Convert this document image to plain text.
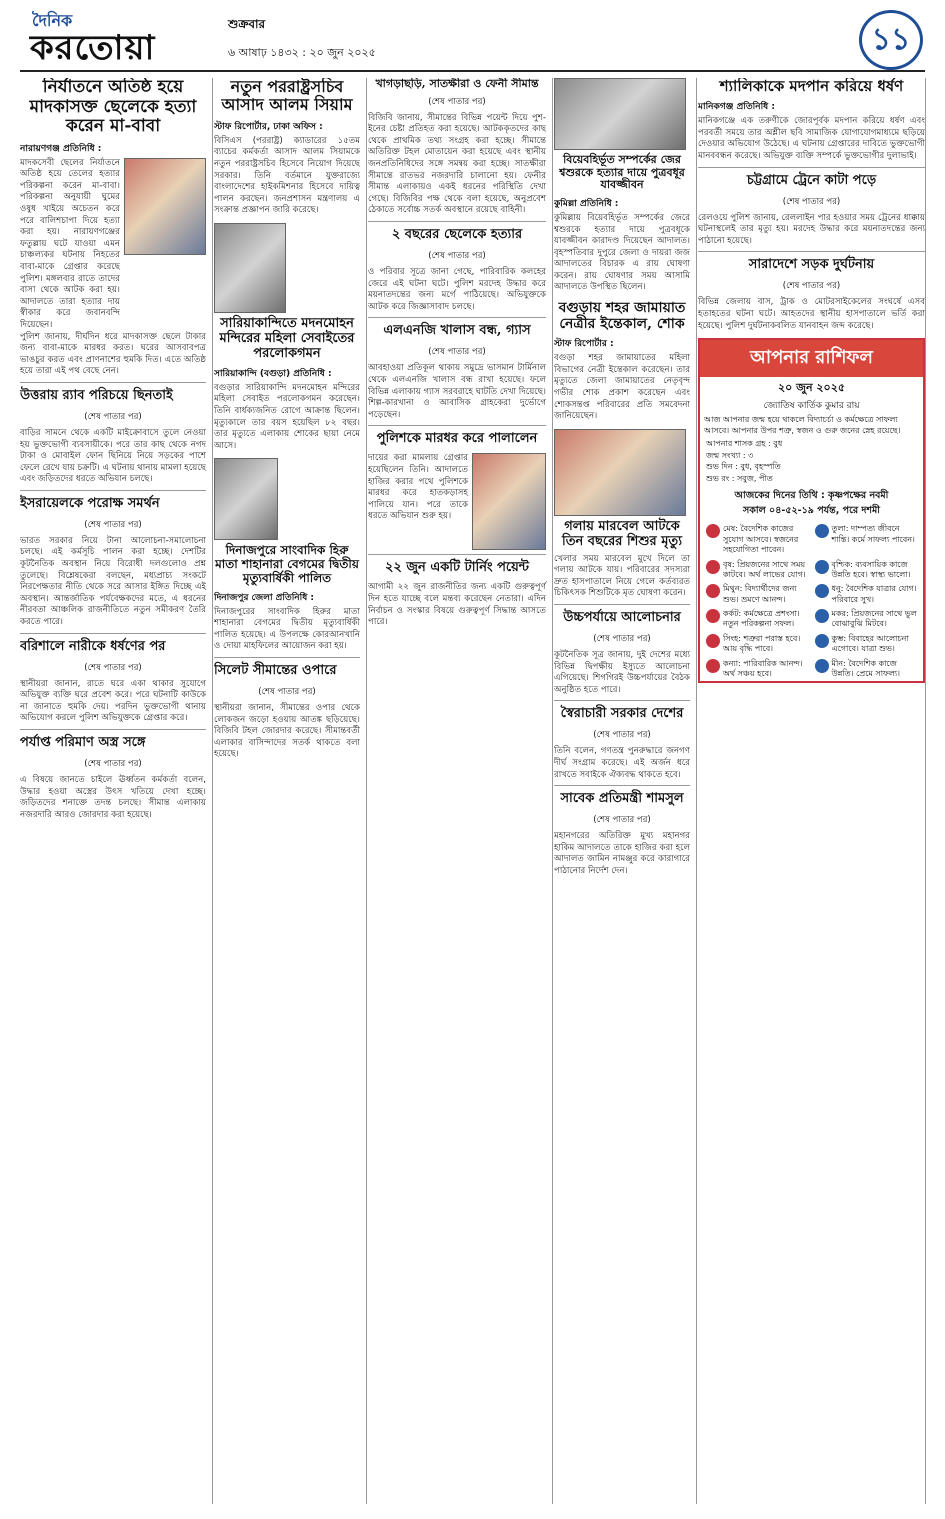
দৈনিক
করতোয়া
শুক্রবার
৬ আষাঢ় ১৪৩২ : ২০ জুন ২০২৫	১১
নির্যাতনে অতিষ্ঠ হয়ে মাদকাসক্ত ছেলেকে হত্যা করেন মা-বাবা
নারায়ণগঞ্জ প্রতিনিধি :
মাদকসেবী ছেলের নির্যাতনে অতিষ্ঠ হয়ে তেলের হত্যার পরিকল্পনা করেন মা-বাবা। পরিকল্পনা অনুযায়ী ঘুমের ওষুধ খাইয়ে অচেতন করে পরে বালিশচাপা দিয়ে হত্যা করা হয়। নারায়ণগঞ্জের ফতুল্লায় ঘটে যাওয়া এমন চাঞ্চল্যকর ঘটনায় নিহতের বাবা-মাকে গ্রেপ্তার করেছে পুলিশ। মঙ্গলবার রাতে তাদের বাসা থেকে আটক করা হয়। আদালতে তারা হত্যার দায় স্বীকার করে জবানবন্দি দিয়েছেন।
পুলিশ জানায়, দীর্ঘদিন ধরে মাদকাসক্ত ছেলে টাকার জন্য বাবা-মাকে মারধর করত। ঘরের আসবাবপত্র ভাঙচুর করত এবং প্রাণনাশের হুমকি দিত। এতে অতিষ্ঠ হয়ে তারা এই পথ বেছে নেন।
উত্তরায় র‌্যাব পরিচয়ে ছিনতাই
(শেষ পাতার পর)
বাড়ির সামনে থেকে একটি মাইক্রোবাসে তুলে নেওয়া হয় ভুক্তভোগী ব্যবসায়ীকে। পরে তার কাছ থেকে নগদ টাকা ও মোবাইল ফোন ছিনিয়ে নিয়ে সড়কের পাশে ফেলে রেখে যায় চক্রটি। এ ঘটনায় থানায় মামলা হয়েছে এবং জড়িতদের ধরতে অভিযান চলছে।
ইসরায়েলকে পরোক্ষ সমর্থন
(শেষ পাতার পর)
ভারত সরকার নিয়ে টানা আলোচনা-সমালোচনা চলছে। এই কর্মসূচি পালন করা হচ্ছে। দেশটির কূটনৈতিক অবস্থান নিয়ে বিরোধী দলগুলোও প্রশ্ন তুলেছে। বিশ্লেষকেরা বলছেন, মধ্যপ্রাচ্য সংকটে নিরপেক্ষতার নীতি থেকে সরে আসার ইঙ্গিত দিচ্ছে এই অবস্থান। আন্তর্জাতিক পর্যবেক্ষকদের মতে, এ ধরনের নীরবতা আঞ্চলিক রাজনীতিতে নতুন সমীকরণ তৈরি করতে পারে।
বরিশালে নারীকে ধর্ষণের পর
(শেষ পাতার পর)
স্থানীয়রা জানান, রাতে ঘরে একা থাকার সুযোগে অভিযুক্ত ব্যক্তি ঘরে প্রবেশ করে। পরে ঘটনাটি কাউকে না জানাতে হুমকি দেয়। পরদিন ভুক্তভোগী থানায় অভিযোগ করলে পুলিশ অভিযুক্তকে গ্রেপ্তার করে।
পর্যাপ্ত পরিমাণ অস্ত্র সঙ্গে
(শেষ পাতার পর)
এ বিষয়ে জানতে চাইলে ঊর্ধ্বতন কর্মকর্তা বলেন, উদ্ধার হওয়া অস্ত্রের উৎস খতিয়ে দেখা হচ্ছে। জড়িতদের শনাক্তে তদন্ত চলছে। সীমান্ত এলাকায় নজরদারি আরও জোরদার করা হয়েছে।
নতুন পররাষ্ট্রসচিব আসাদ আলম সিয়াম
স্টাফ রিপোর্টার, ঢাকা অফিস :
বিসিএস (পররাষ্ট্র) ক্যাডারের ১৫তম ব্যাচের কর্মকর্তা আসাদ আলম সিয়ামকে নতুন পররাষ্ট্রসচিব হিসেবে নিয়োগ দিয়েছে সরকার। তিনি বর্তমানে যুক্তরাজ্যে বাংলাদেশের হাইকমিশনার হিসেবে দায়িত্ব পালন করছেন। জনপ্রশাসন মন্ত্রণালয় এ সংক্রান্ত প্রজ্ঞাপন জারি করেছে।
সারিয়াকান্দিতে মদনমোহন মন্দিরের মহিলা সেবাইতের পরলোকগমন
সারিয়াকান্দি (বগুড়া) প্রতিনিধি :
বগুড়ার সারিয়াকান্দি মদনমোহন মন্দিরের মহিলা সেবাইত পরলোকগমন করেছেন। তিনি বার্ধক্যজনিত রোগে আক্রান্ত ছিলেন। মৃত্যুকালে তার বয়স হয়েছিল ৮২ বছর। তার মৃত্যুতে এলাকায় শোকের ছায়া নেমে আসে।
দিনাজপুরে সাংবাদিক হিরু মাতা শাহানারা বেগমের দ্বিতীয় মৃত্যুবার্ষিকী পালিত
দিনাজপুর জেলা প্রতিনিধি :
দিনাজপুরের সাংবাদিক হিরুর মাতা শাহানারা বেগমের দ্বিতীয় মৃত্যুবার্ষিকী পালিত হয়েছে। এ উপলক্ষে কোরআনখানি ও দোয়া মাহফিলের আয়োজন করা হয়।
সিলেট সীমান্তের ওপারে
(শেষ পাতার পর)
স্থানীয়রা জানান, সীমান্তের ওপার থেকে লোকজন জড়ো হওয়ায় আতঙ্ক ছড়িয়েছে। বিজিবি টহল জোরদার করেছে। সীমান্তবর্তী এলাকার বাসিন্দাদের সতর্ক থাকতে বলা হয়েছে।
খাগড়াছড়ি, সাতক্ষীরা ও ফেনী সীমান্ত
(শেষ পাতার পর)
বিজিবি জানায়, সীমান্তের বিভিন্ন পয়েন্ট দিয়ে পুশ-ইনের চেষ্টা প্রতিহত করা হয়েছে। আটককৃতদের কাছ থেকে প্রাথমিক তথ্য সংগ্রহ করা হচ্ছে। সীমান্তে অতিরিক্ত টহল মোতায়েন করা হয়েছে এবং স্থানীয় জনপ্রতিনিধিদের সঙ্গে সমন্বয় করা হচ্ছে। সাতক্ষীরা সীমান্তে রাতভর নজরদারি চালানো হয়। ফেনীর সীমান্ত এলাকায়ও একই ধরনের পরিস্থিতি দেখা গেছে। বিজিবির পক্ষ থেকে বলা হয়েছে, অনুপ্রবেশ ঠেকাতে সর্বোচ্চ সতর্ক অবস্থানে রয়েছে বাহিনী।
২ বছরের ছেলেকে হত্যার
(শেষ পাতার পর)
ও পরিবার সূত্রে জানা গেছে, পারিবারিক কলহের জেরে এই ঘটনা ঘটে। পুলিশ মরদেহ উদ্ধার করে ময়নাতদন্তের জন্য মর্গে পাঠিয়েছে। অভিযুক্তকে আটক করে জিজ্ঞাসাবাদ চলছে।
এলএনজি খালাস বন্ধ, গ্যাস
(শেষ পাতার পর)
আবহাওয়া প্রতিকূল থাকায় সমুদ্রে ভাসমান টার্মিনাল থেকে এলএনজি খালাস বন্ধ রাখা হয়েছে। ফলে বিভিন্ন এলাকায় গ্যাস সরবরাহে ঘাটতি দেখা দিয়েছে। শিল্প-কারখানা ও আবাসিক গ্রাহকেরা দুর্ভোগে পড়েছেন।
পুলিশকে মারধর করে পালালেন
দায়ের করা মামলায় গ্রেপ্তার হয়েছিলেন তিনি। আদালতে হাজির করার পথে পুলিশকে মারধর করে হাতকড়াসহ পালিয়ে যান। পরে তাকে ধরতে অভিযান শুরু হয়।
২২ জুন একটি টার্নিং পয়েন্ট
আগামী ২২ জুন রাজনীতির জন্য একটি গুরুত্বপূর্ণ দিন হতে যাচ্ছে বলে মন্তব্য করেছেন নেতারা। এদিন নির্বাচন ও সংস্কার বিষয়ে গুরুত্বপূর্ণ সিদ্ধান্ত আসতে পারে।
বিয়েবহির্ভূত সম্পর্কের জের শ্বশুরকে হত্যার দায়ে পুত্রবধূর যাবজ্জীবন
কুমিল্লা প্রতিনিধি :
কুমিল্লায় বিয়েবহির্ভূত সম্পর্কের জেরে শ্বশুরকে হত্যার দায়ে পুত্রবধূকে যাবজ্জীবন কারাদণ্ড দিয়েছেন আদালত। বৃহস্পতিবার দুপুরে জেলা ও দায়রা জজ আদালতের বিচারক এ রায় ঘোষণা করেন। রায় ঘোষণার সময় আসামি আদালতে উপস্থিত ছিলেন।
বগুড়ায় শহর জামায়াত নেত্রীর ইন্তেকাল, শোক
স্টাফ রিপোর্টার :
বগুড়া শহর জামায়াতের মহিলা বিভাগের নেত্রী ইন্তেকাল করেছেন। তার মৃত্যুতে জেলা জামায়াতের নেতৃবৃন্দ গভীর শোক প্রকাশ করেছেন এবং শোকসন্তপ্ত পরিবারের প্রতি সমবেদনা জানিয়েছেন।
গলায় মারবেল আটকে তিন বছরের শিশুর মৃত্যু
খেলার সময় মারবেল মুখে দিলে তা গলায় আটকে যায়। পরিবারের সদস্যরা দ্রুত হাসপাতালে নিয়ে গেলে কর্তব্যরত চিকিৎসক শিশুটিকে মৃত ঘোষণা করেন।
উচ্চপর্যায়ে আলোচনার
(শেষ পাতার পর)
কূটনৈতিক সূত্র জানায়, দুই দেশের মধ্যে বিভিন্ন দ্বিপক্ষীয় ইস্যুতে আলোচনা এগিয়েছে। শিগগিরই উচ্চপর্যায়ের বৈঠক অনুষ্ঠিত হতে পারে।
স্বৈরাচারী সরকার দেশের
(শেষ পাতার পর)
তিনি বলেন, গণতন্ত্র পুনরুদ্ধারে জনগণ দীর্ঘ সংগ্রাম করেছে। এই অর্জন ধরে রাখতে সবাইকে ঐক্যবদ্ধ থাকতে হবে।
সাবেক প্রতিমন্ত্রী শামসুল
(শেষ পাতার পর)
মহানগরের অতিরিক্ত মুখ্য মহানগর হাকিম আদালতে তাকে হাজির করা হলে আদালত জামিন নামঞ্জুর করে কারাগারে পাঠানোর নির্দেশ দেন।
শ্যালিকাকে মদপান করিয়ে ধর্ষণ
মানিকগঞ্জ প্রতিনিধি :
মানিকগঞ্জে এক তরুণীকে জোরপূর্বক মদপান করিয়ে ধর্ষণ এবং পরবর্তী সময়ে তার অশ্লীল ছবি সামাজিক যোগাযোগমাধ্যমে ছড়িয়ে দেওয়ার অভিযোগ উঠেছে। এ ঘটনায় গ্রেপ্তারের দাবিতে ভুক্তভোগী মানববন্ধন করেছে। অভিযুক্ত ব্যক্তি সম্পর্কে ভুক্তভোগীর দুলাভাই।
চট্টগ্রামে ট্রেনে কাটা পড়ে
(শেষ পাতার পর)
রেলওয়ে পুলিশ জানায়, রেললাইন পার হওয়ার সময় ট্রেনের ধাক্কায় ঘটনাস্থলেই তার মৃত্যু হয়। মরদেহ উদ্ধার করে ময়নাতদন্তের জন্য পাঠানো হয়েছে।
সারাদেশে সড়ক দুর্ঘটনায়
(শেষ পাতার পর)
বিভিন্ন জেলায় বাস, ট্রাক ও মোটরসাইকেলের সংঘর্ষে এসব হতাহতের ঘটনা ঘটে। আহতদের স্থানীয় হাসপাতালে ভর্তি করা হয়েছে। পুলিশ দুর্ঘটনাকবলিত যানবাহন জব্দ করেছে।
আপনার রাশিফল
২০ জুন ২০২৫
জ্যোতিষ কার্তিক কুমার রায়
আজ আপনার জন্ম হয়ে থাকলে বিদ্যাচর্চা ও কর্মক্ষেত্রে সাফল্য আসবে। আপনার উপর শত্রু, স্বজন ও গুরু জনের স্নেহ রয়েছে।
আপনার শাসক গ্রহ : বুধ
জন্ম সংখ্যা : ৩
শুভ দিন : বুধ, বৃহস্পতি
শুভ রং : সবুজ, পীত
আজকের দিনের তিথি : কৃষ্ণপক্ষের নবমী
সকাল ০৪-৫২-১৯ পর্যন্ত, পরে দশমী
মেষ: বৈদেশিক কাজের সুযোগ আসবে। স্বজনের সহযোগিতা পাবেন।
তুলা: দাম্পত্য জীবনে শান্তি। কর্মে সাফল্য পাবেন।
বৃষ: প্রিয়জনের সাথে সময় কাটবে। অর্থ লাভের যোগ।
বৃশ্চিক: ব্যবসায়িক কাজে উন্নতি হবে। স্বাস্থ্য ভালো।
মিথুন: বিদ্যার্থীদের জন্য শুভ। ভ্রমণে আনন্দ।
ধনু: বৈদেশিক যাত্রার যোগ। পরিবারে সুখ।
কর্কট: কর্মক্ষেত্রে প্রশংসা। নতুন পরিকল্পনা সফল।
মকর: প্রিয়জনের সাথে ভুল বোঝাবুঝি মিটবে।
সিংহ: শত্রুরা পরাস্ত হবে। আয় বৃদ্ধি পাবে।
কুম্ভ: বিবাহের আলোচনা এগোবে। যাত্রা শুভ।
কন্যা: পারিবারিক আনন্দ। অর্থ সঞ্চয় হবে।
মীন: বৈদেশিক কাজে উন্নতি। প্রেমে সাফল্য।
